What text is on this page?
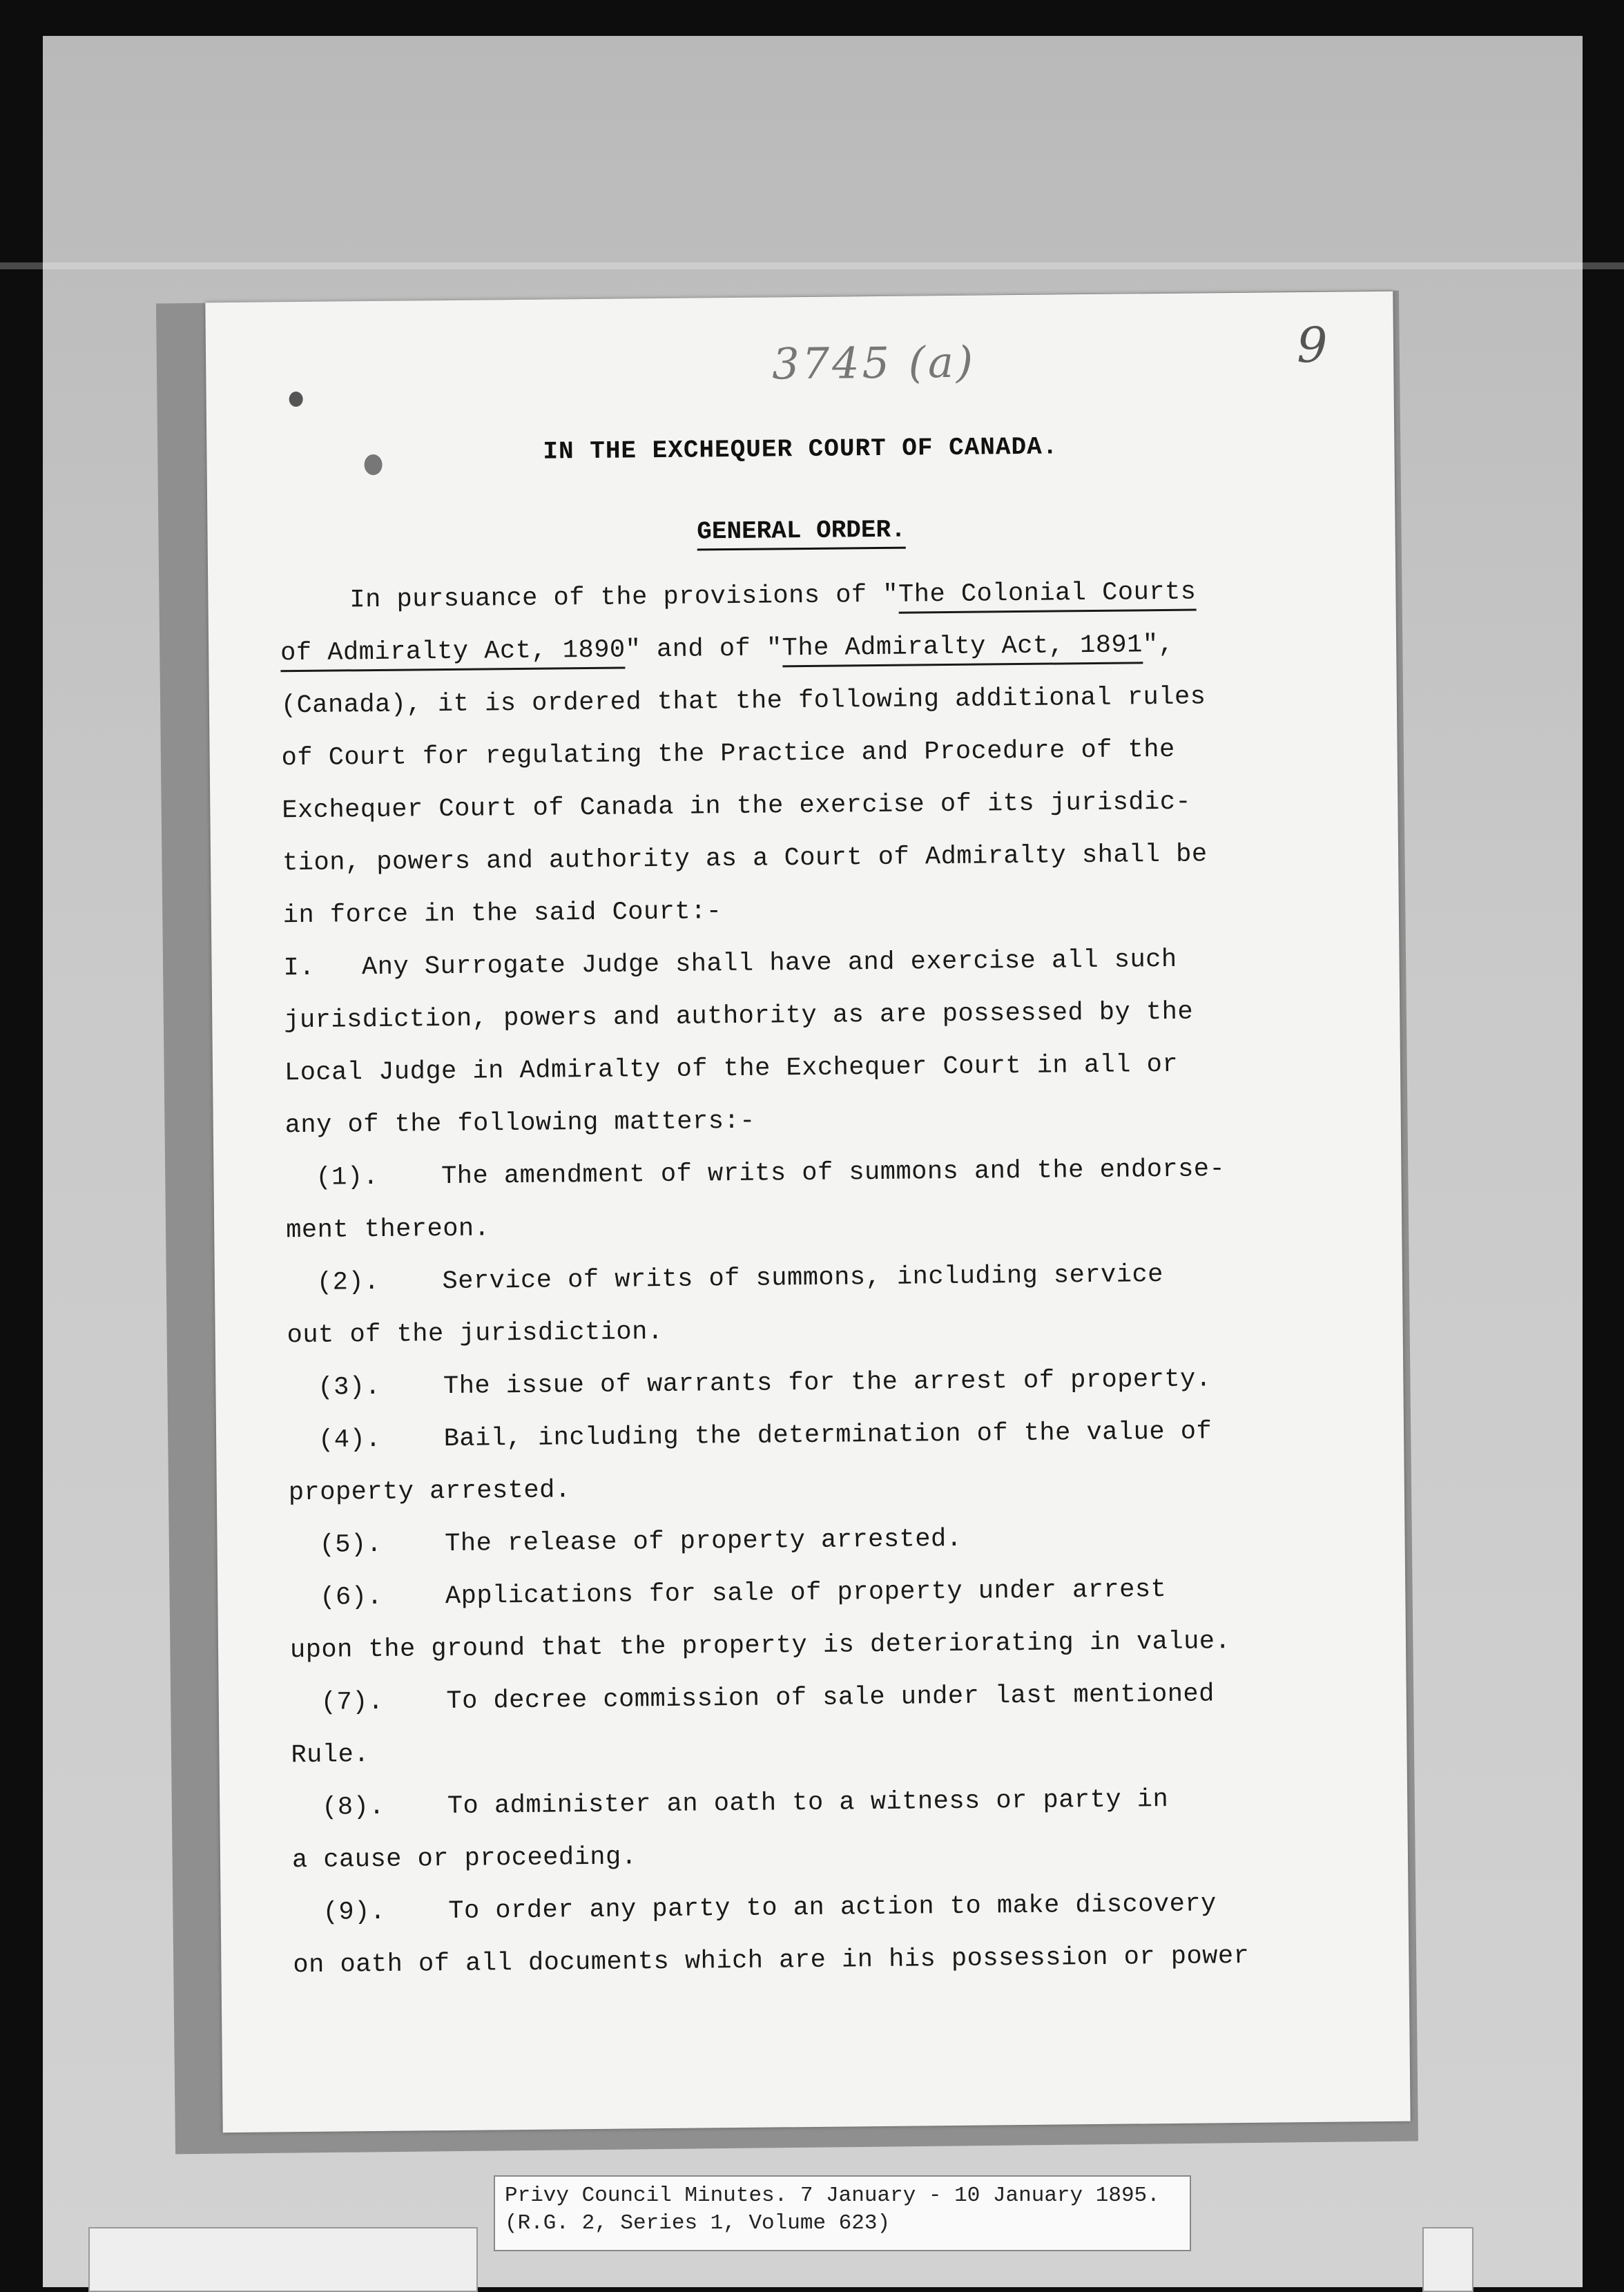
3745 (a)	9
IN THE EXCHEQUER COURT OF CANADA.
GENERAL ORDER.
In pursuance of the provisions of "The Colonial Courts
of Admiralty Act, 1890" and of "The Admiralty Act, 1891",
(Canada), it is ordered that the following additional rules
of Court for regulating the Practice and Procedure of the
Exchequer Court of Canada in the exercise of its jurisdic-
tion, powers and authority as a Court of Admiralty shall be
in force in the said Court:-
I.   Any Surrogate Judge shall have and exercise all such
jurisdiction, powers and authority as are possessed by the
Local Judge in Admiralty of the Exchequer Court in all or
any of the following matters:-
(1).    The amendment of writs of summons and the endorse-
ment thereon.
(2).    Service of writs of summons, including service
out of the jurisdiction.
(3).    The issue of warrants for the arrest of property.
(4).    Bail, including the determination of the value of
property arrested.
(5).    The release of property arrested.
(6).    Applications for sale of property under arrest
upon the ground that the property is deteriorating in value.
(7).    To decree commission of sale under last mentioned
Rule.
(8).    To administer an oath to a witness or party in
a cause or proceeding.
(9).    To order any party to an action to make discovery
on oath of all documents which are in his possession or power
Privy Council Minutes. 7 January - 10 January 1895.
(R.G. 2, Series 1, Volume 623)
